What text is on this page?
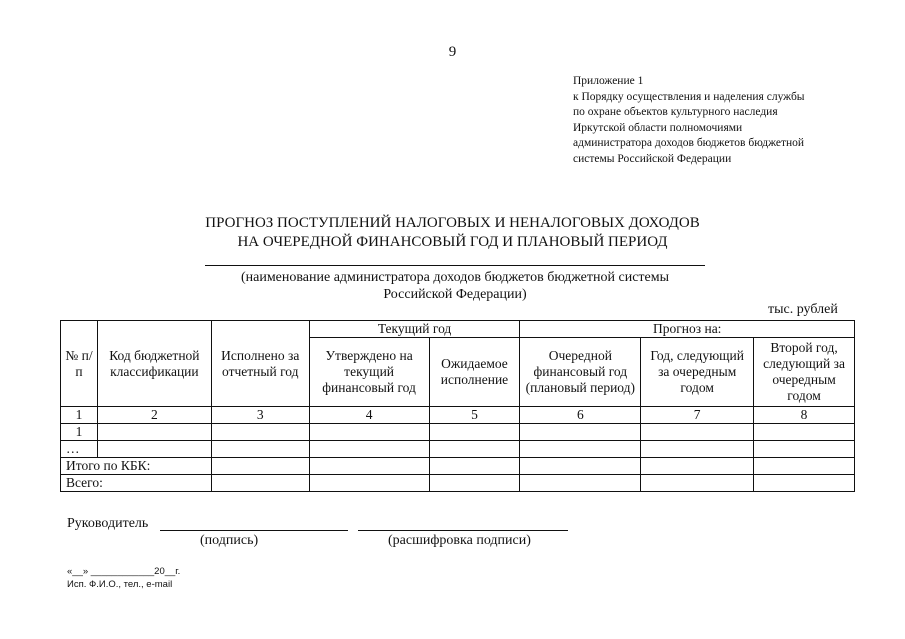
9
Приложение 1
к Порядку осуществления и наделения службы
по охране объектов культурного наследия
Иркутской области полномочиями
администратора доходов бюджетов бюджетной
системы Российской Федерации
ПРОГНОЗ ПОСТУПЛЕНИЙ НАЛОГОВЫХ И НЕНАЛОГОВЫХ ДОХОДОВ
НА ОЧЕРЕДНОЙ ФИНАНСОВЫЙ ГОД И ПЛАНОВЫЙ ПЕРИОД
(наименование администратора доходов бюджетов бюджетной системы
Российской Федерации)
тыс. рублей
№ п/п	Код бюджетной классификации	Исполнено за отчетный год	Текущий год		Прогноз на:		
			Утверждено на текущий финансовый год	Ожидаемое исполнение	Очередной финансовый год (плановый период)	Год, следующий за очередным годом	Второй год, следующий за очередным годом
1	2	3	4	5	6	7	8
1							
…							
Итого по КБК:							
Всего:							
Руководитель
(подпись)	(расшифровка подписи)
«__» ____________20__г.
Исп. Ф.И.О., тел., e-mail
